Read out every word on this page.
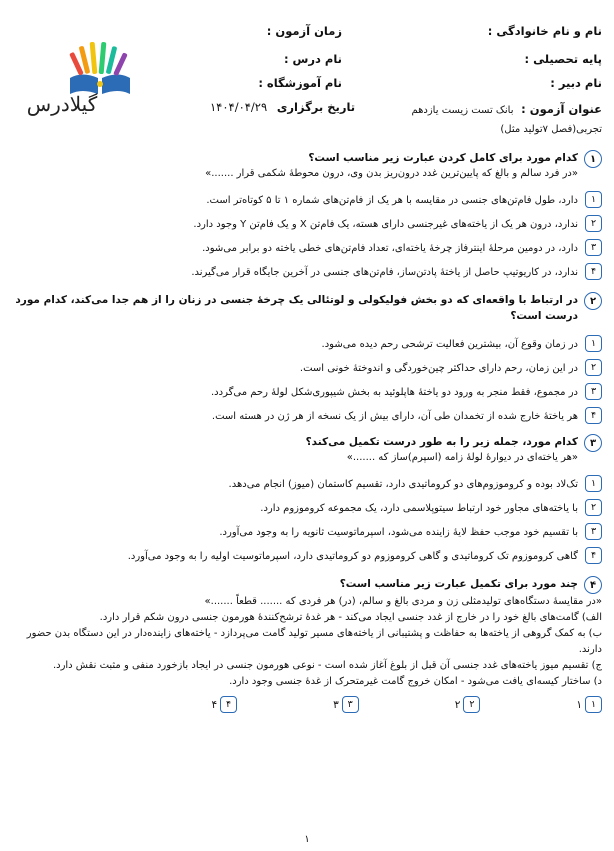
نام و نام خانوادگی :
زمان آزمون :
پایه تحصیلی :
نام درس :
نام دبیر :
نام آموزشگاه :
عنوان آزمون : بانک تست زیست یازدهم
تجربی(فصل ۷تولید مثل)
تاریخ برگزاری ۱۴۰۴/۰۴/۲۹
گیلادرس
۱
کدام مورد برای کامل کردن عبارت زیر مناسب است؟
«در فرد سالم و بالغ که پایین‌ترین غدد درون‌ریز بدن وی، درون محوطهٔ شکمی قرار .......»
۱
دارد، طول فام‌تن‌های جنسی در مقایسه با هر یک از فام‌تن‌های شماره ۱ تا ۵ کوتاه‌تر است.
۲
ندارد، درون هر یک از یاخته‌های غیرجنسی دارای هسته، یک فام‌تن X و یک فام‌تن Y وجود دارد.
۳
دارد، در دومین مرحلهٔ اینترفاز چرخهٔ یاخته‌ای، تعداد فام‌تن‌های خطی یاخته دو برابر می‌شود.
۴
ندارد، در کاریوتیپ حاصل از یاختهٔ پادتن‌ساز، فام‌تن‌های جنسی در آخرین جایگاه قرار می‌گیرند.
۲
در ارتباط با واقعه‌ای که دو بخش فولیکولی و لوتئالی یک چرخهٔ جنسی در زنان را از هم جدا می‌کند، کدام مورد درست است؟
۱
در زمان وقوع آن، بیشترین فعالیت ترشحی رحم دیده می‌شود.
۲
در این زمان، رحم دارای حداکثر چین‌خوردگی و اندوختهٔ خونی است.
۳
در مجموع، فقط منجر به ورود دو یاختهٔ هاپلوئید به بخش شیپوری‌شکل لولهٔ رحم می‌گردد.
۴
هر یاختهٔ خارج شده از تخمدان طی آن، دارای بیش از یک نسخه از هر ژن در هسته است.
۳
کدام مورد، جمله زیر را به طور درست تکمیل می‌کند؟
«هر یاخته‌ای در دیوارهٔ لولهٔ زامه (اسپرم)ساز که .......»
۱
تک‌لاد بوده و کروموزوم‌های دو کروماتیدی دارد، تقسیم کاستمان (میوز) انجام می‌دهد.
۲
با یاخته‌های مجاور خود ارتباط سیتوپلاسمی دارد، یک مجموعه کروموزوم دارد.
۳
با تقسیم خود موجب حفظ لایهٔ زاینده می‌شود، اسپرماتوسیت ثانویه را به وجود می‌آورد.
۴
گاهی کروموزوم تک کروماتیدی و گاهی کروموزوم دو کروماتیدی دارد، اسپرماتوسیت اولیه را به وجود می‌آورد.
۴
چند مورد برای تکمیل عبارت زیر مناسب است؟
«در مقایسهٔ دستگاه‌های تولیدمثلی زن و مردی بالغ و سالم، (در) هر فردی که ....... قطعاً .......»
الف) گامت‌های بالغ خود را در خارج از غدد جنسی ایجاد می‌کند - هر غدهٔ ترشح‌کنندهٔ هورمون جنسی درون شکم قرار دارد.
ب) به کمک گروهی از یاخته‌ها به حفاظت و پشتیبانی از یاخته‌های مسیر تولید گامت می‌پردازد - یاخته‌های زاینده‌دار در این دستگاه بدن حضور دارند.
ج) تقسیم میوز یاخته‌های غدد جنسی آن قبل از بلوغ آغاز شده است - نوعی هورمون جنسی در ایجاد بازخورد منفی و مثبت نقش دارد.
د) ساختار کیسه‌ای یافت می‌شود - امکان خروج گامت غیرمتحرک از غدهٔ جنسی وجود دارد.
۱
۱
۲
۲
۳
۳
۴
۴
۱
